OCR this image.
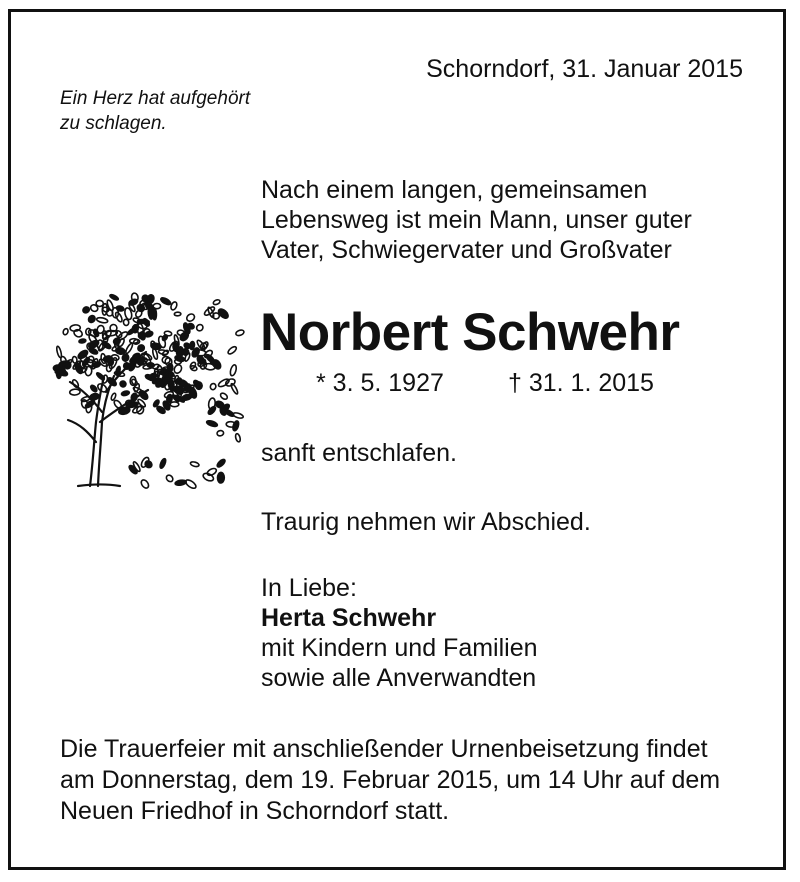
Schorndorf, 31. Januar 2015
Ein Herz hat aufgehört
zu schlagen.
Nach einem langen, gemeinsamen
Lebensweg ist mein Mann, unser guter
Vater, Schwiegervater und Großvater
Norbert Schwehr
* 3. 5. 1927	† 31. 1. 2015
sanft entschlafen.
Traurig nehmen wir Abschied.
In Liebe:
Herta Schwehr
mit Kindern und Familien
sowie alle Anverwandten
Die Trauerfeier mit anschließender Urnenbeisetzung findet
am Donnerstag, dem 19. Februar 2015, um 14 Uhr auf dem
Neuen Friedhof in Schorndorf statt.
